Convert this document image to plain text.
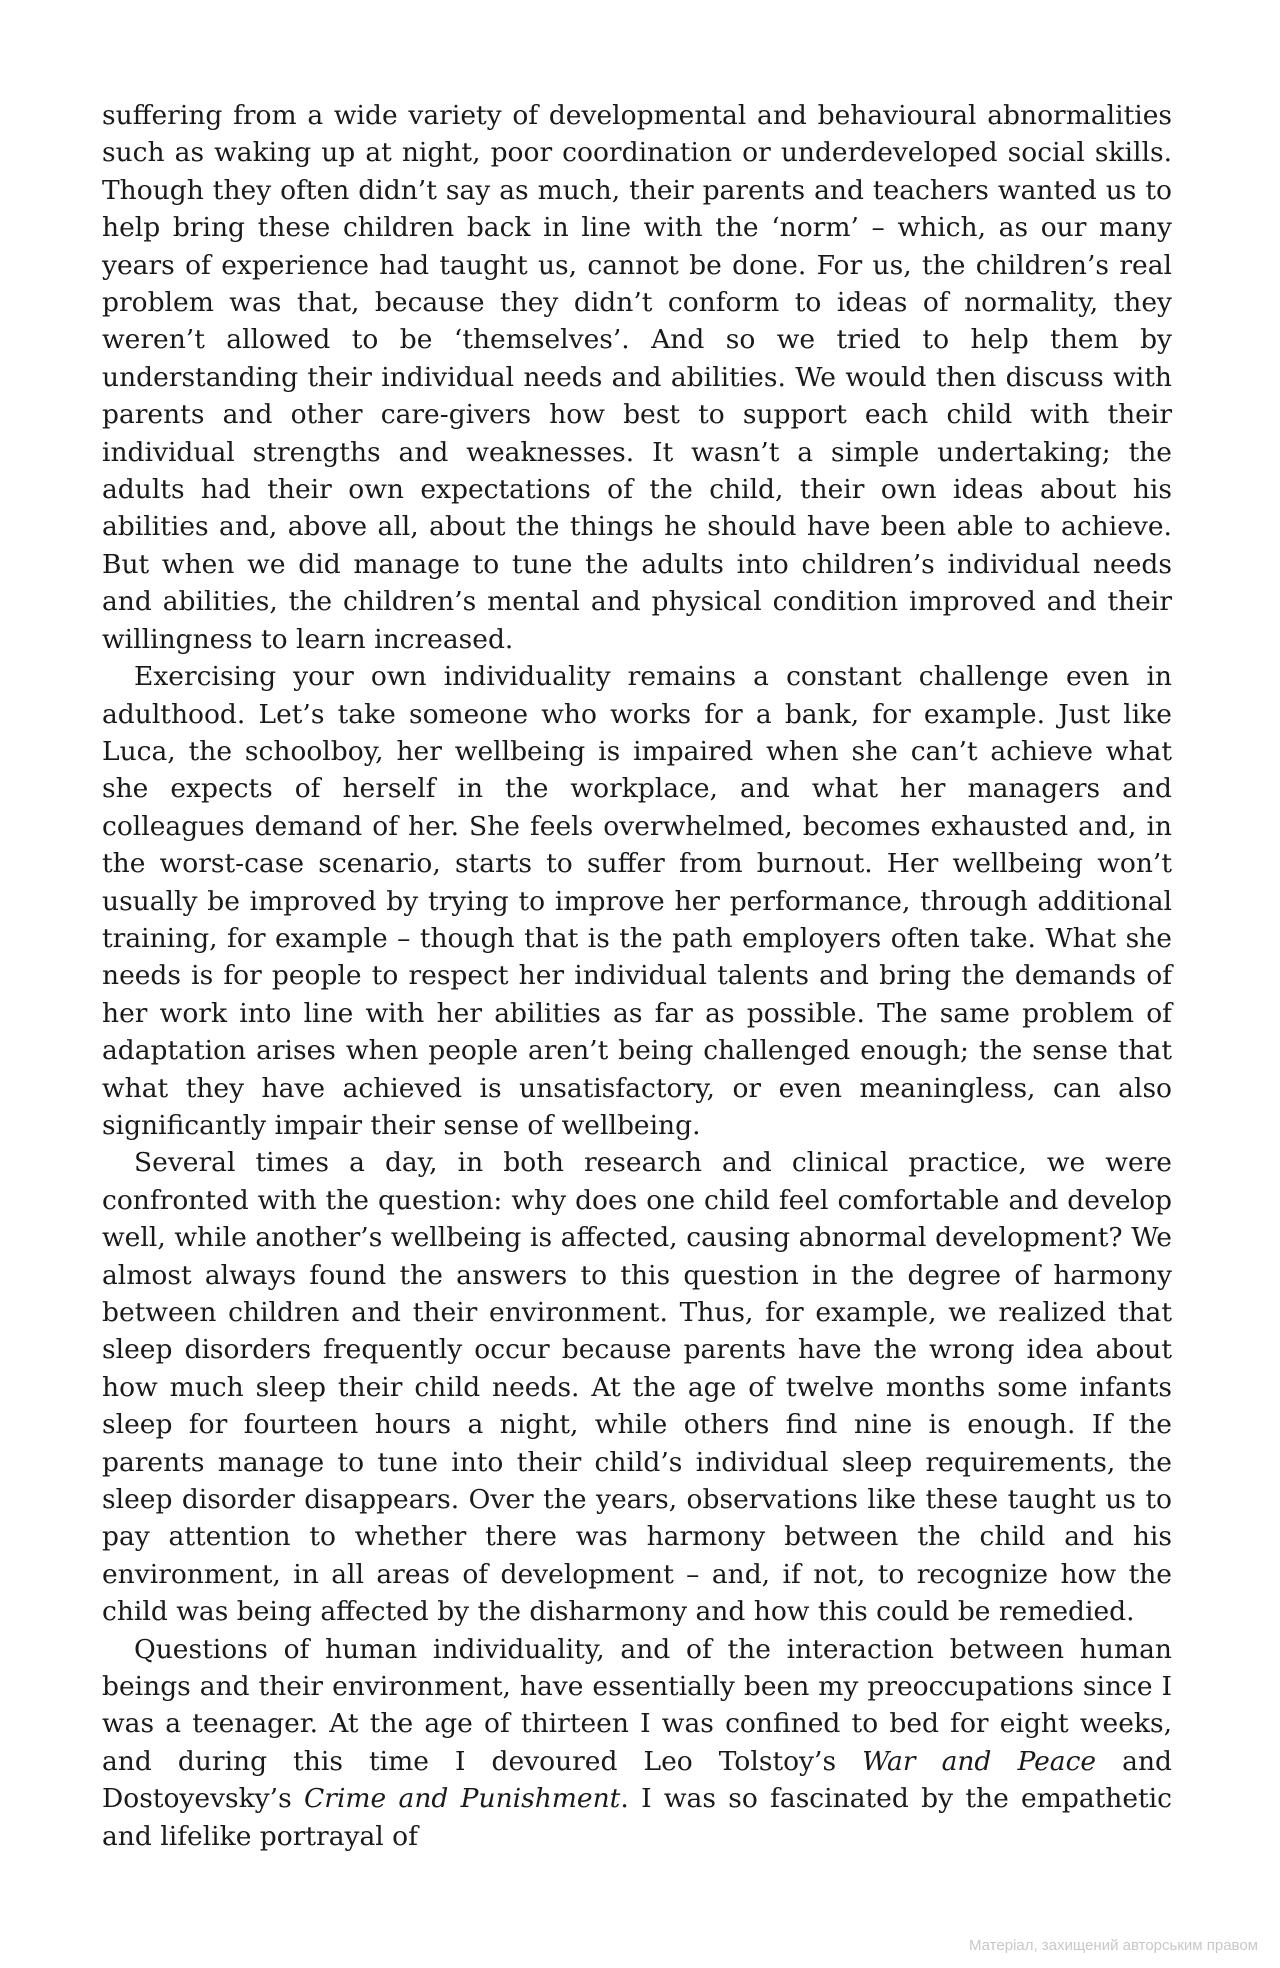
suffering from a wide variety of developmental and behavioural abnormalities such as waking up at night, poor coordination or underdeveloped social skills. Though they often didn’t say as much, their parents and teachers wanted us to help bring these children back in line with the ‘norm’ – which, as our many years of experience had taught us, cannot be done. For us, the children’s real problem was that, because they didn’t conform to ideas of normality, they weren’t allowed to be ‘themselves’. And so we tried to help them by understanding their individual needs and abilities. We would then discuss with parents and other care-givers how best to support each child with their individual strengths and weaknesses. It wasn’t a simple undertaking; the adults had their own expectations of the child, their own ideas about his abilities and, above all, about the things he should have been able to achieve. But when we did manage to tune the adults into children’s individual needs and abilities, the children’s mental and physical condition improved and their willingness to learn increased.

Exercising your own individuality remains a constant challenge even in adulthood. Let’s take someone who works for a bank, for example. Just like Luca, the schoolboy, her wellbeing is impaired when she can’t achieve what she expects of herself in the workplace, and what her managers and colleagues demand of her. She feels overwhelmed, becomes exhausted and, in the worst-case scenario, starts to suffer from burnout. Her wellbeing won’t usually be improved by trying to improve her performance, through additional training, for example – though that is the path employers often take. What she needs is for people to respect her individual talents and bring the demands of her work into line with her abilities as far as possible. The same problem of adaptation arises when people aren’t being challenged enough; the sense that what they have achieved is unsatisfactory, or even meaningless, can also significantly impair their sense of wellbeing.

Several times a day, in both research and clinical practice, we were confronted with the question: why does one child feel comfortable and develop well, while another’s wellbeing is affected, causing abnormal development? We almost always found the answers to this question in the degree of harmony between children and their environment. Thus, for example, we realized that sleep disorders frequently occur because parents have the wrong idea about how much sleep their child needs. At the age of twelve months some infants sleep for fourteen hours a night, while others find nine is enough. If the parents manage to tune into their child’s individual sleep requirements, the sleep disorder disappears. Over the years, observations like these taught us to pay attention to whether there was harmony between the child and his environment, in all areas of development – and, if not, to recognize how the child was being affected by the disharmony and how this could be remedied.

Questions of human individuality, and of the interaction between human beings and their environment, have essentially been my preoccupations since I was a teenager. At the age of thirteen I was confined to bed for eight weeks, and during this time I devoured Leo Tolstoy’s War and Peace and Dostoyevsky’s Crime and Punishment. I was so fascinated by the empathetic and lifelike portrayal of

Матеріал, захищений авторським правом
